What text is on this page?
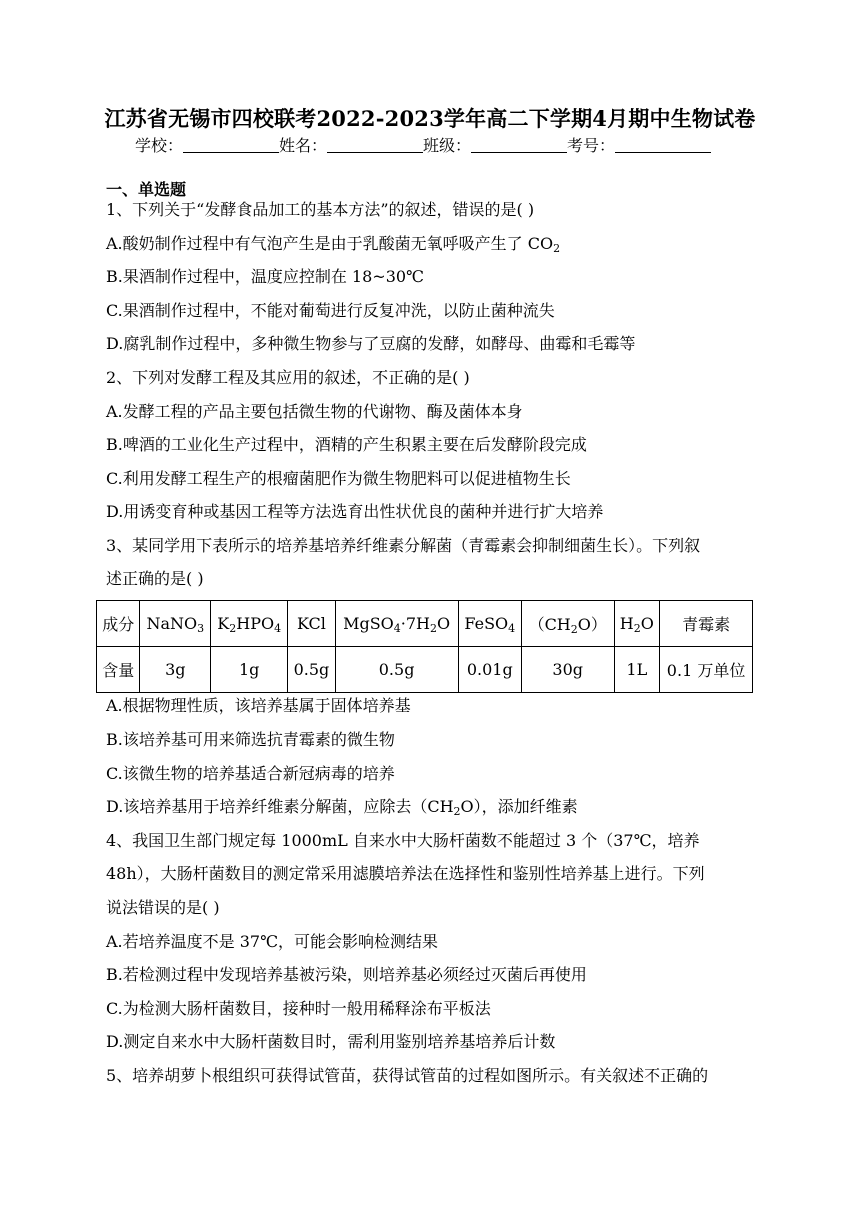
江苏省无锡市四校联考2022-2023学年高二下学期4月期中生物试卷
学校：	姓名：	班级：	考号：
一、单选题
1、下列关于“发酵食品加工的基本方法”的叙述，错误的是( )
A.酸奶制作过程中有气泡产生是由于乳酸菌无氧呼吸产生了 $CO_2$
B.果酒制作过程中，温度应控制在 18~30℃
C.果酒制作过程中，不能对葡萄进行反复冲洗，以防止菌种流失
D.腐乳制作过程中，多种微生物参与了豆腐的发酵，如酵母、曲霉和毛霉等
2、下列对发酵工程及其应用的叙述，不正确的是( )
A.发酵工程的产品主要包括微生物的代谢物、酶及菌体本身
B.啤酒的工业化生产过程中，酒精的产生积累主要在后发酵阶段完成
C.利用发酵工程生产的根瘤菌肥作为微生物肥料可以促进植物生长
D.用诱变育种或基因工程等方法选育出性状优良的菌种并进行扩大培养
3、某同学用下表所示的培养基培养纤维素分解菌（青霉素会抑制细菌生长）。下列叙
述正确的是( )
成分	NaNO$_3$	$K_2HPO_4$	KCl	$MgSO_4\cdot 7H_2O$	FeSO$_4$	$(CH_2O)$	$H_2O$	青霉素
含量	3g	1g	0.5g	0.5g	0.01g	30g	1L	0.1 万单位
A.根据物理性质，该培养基属于固体培养基
B.该培养基可用来筛选抗青霉素的微生物
C.该微生物的培养基适合新冠病毒的培养
D.该培养基用于培养纤维素分解菌，应除去$(CH_2O)$，添加纤维素
4、我国卫生部门规定每 1000mL 自来水中大肠杆菌数不能超过 3 个（37℃，培养
48h），大肠杆菌数目的测定常采用滤膜培养法在选择性和鉴别性培养基上进行。下列
说法错误的是( )
A.若培养温度不是 37℃，可能会影响检测结果
B.若检测过程中发现培养基被污染，则培养基必须经过灭菌后再使用
C.为检测大肠杆菌数目，接种时一般用稀释涂布平板法
D.测定自来水中大肠杆菌数目时，需利用鉴别培养基培养后计数
5、培养胡萝卜根组织可获得试管苗，获得试管苗的过程如图所示。有关叙述不正确的
